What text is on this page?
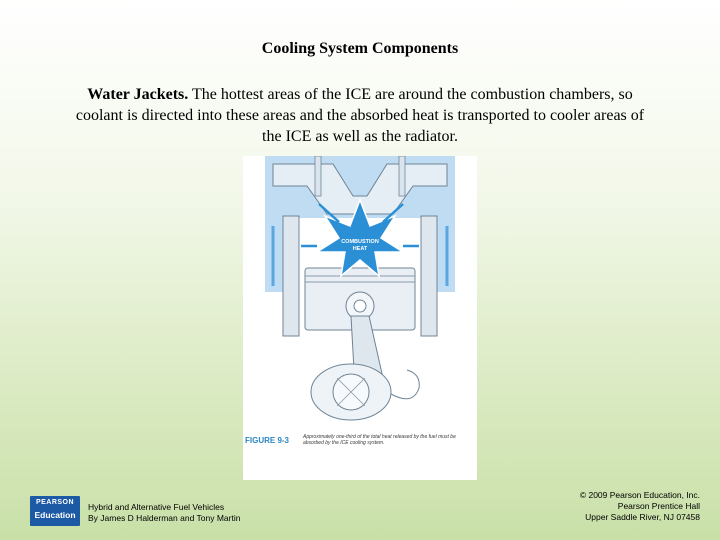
Cooling System Components
Water Jackets. The hottest areas of the ICE are around the combustion chambers, so coolant is directed into these areas and the absorbed heat is transported to cooler areas of the ICE as well as the radiator.
COMBUSTION
HEAT
FIGURE 9-3	Approximately one-third of the total heat released by the fuel must be absorbed by the ICE cooling system.
PEARSON
Education
Hybrid and Alternative Fuel Vehicles
By James D Halderman and Tony Martin
© 2009 Pearson Education, Inc.
Pearson Prentice Hall
Upper Saddle River, NJ 07458
